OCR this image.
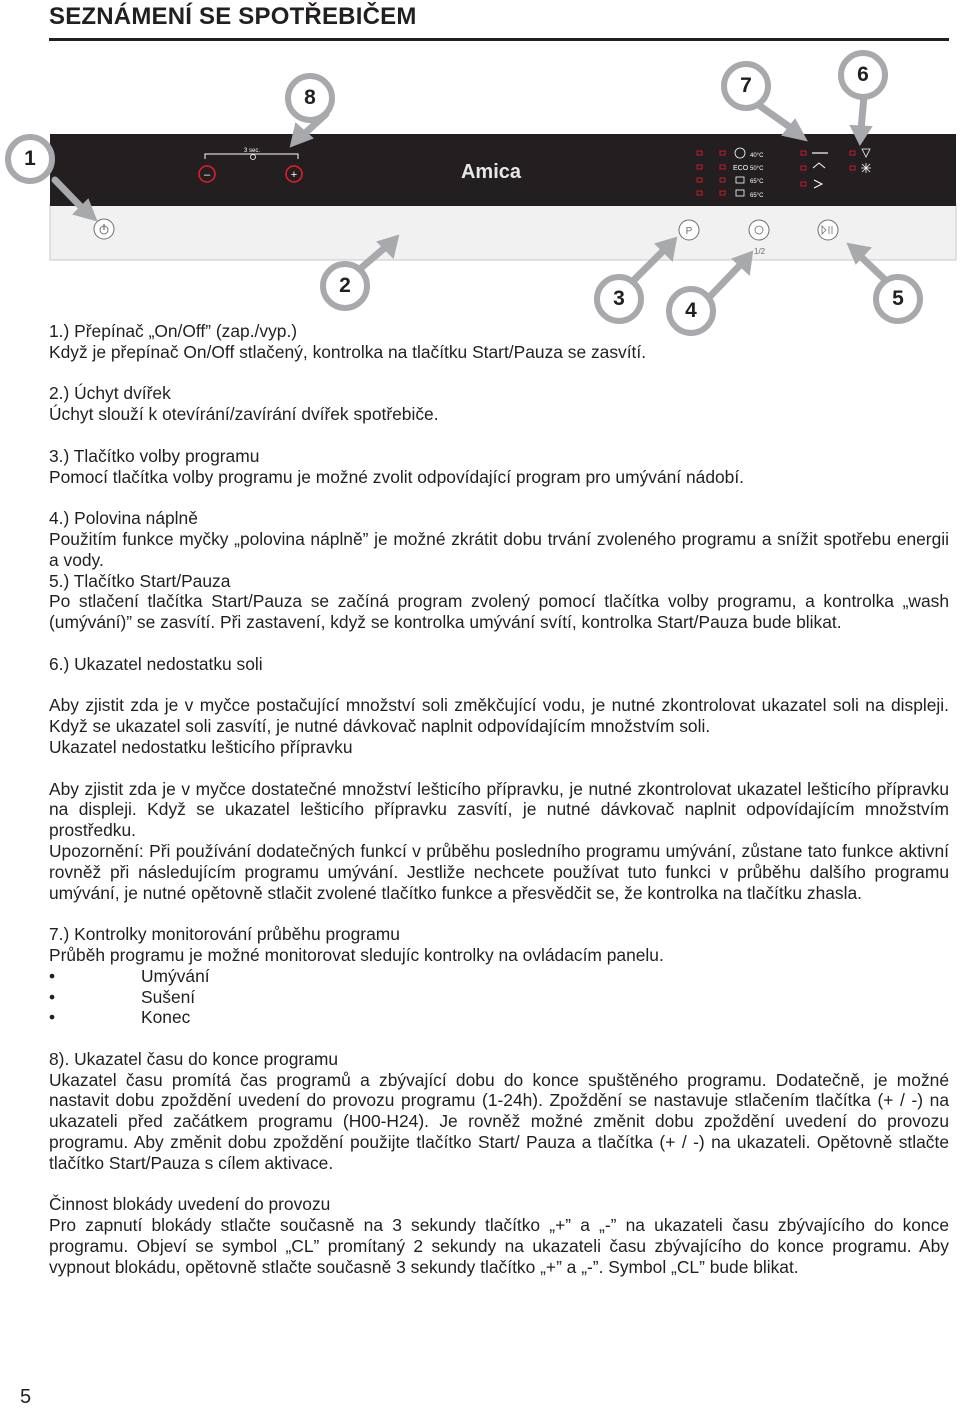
SEZNÁMENÍ SE SPOTŘEBIČEM
3 sec.
–	+	Amica	ECO
40°C
50°C
65°C
65°C
P
1/2
1
2
3
4
5
6
7
8

1.) Přepínač „On/Off” (zap./vyp.)

Když je přepínač On/Off stlačený, kontrolka na tlačítku Start/Pauza se zasvítí.

2.) Úchyt dvířek

Úchyt slouží k otevírání/zavírání dvířek spotřebiče.

3.) Tlačítko volby programu

Pomocí tlačítka volby programu je možné zvolit odpovídající program pro umývání nádobí.

4.) Polovina náplně

Použitím funkce myčky „polovina náplně” je možné zkrátit dobu trvání zvoleného programu a snížit spotřebu energii a vody.

5.) Tlačítko Start/Pauza

Po stlačení tlačítka Start/Pauza se začíná program zvolený pomocí tlačítka volby programu, a kontrolka „wash (umývání)” se zasvítí. Při zastavení, když se kontrolka umývání svítí, kontrolka Start/Pauza bude blikat.

6.) Ukazatel nedostatku soli

Aby zjistit zda je v myčce postačující množství soli změkčující vodu, je nutné zkontrolovat ukazatel soli na displeji. Když se ukazatel soli zasvítí, je nutné dávkovač naplnit odpovídajícím množstvím soli.

Ukazatel nedostatku lešticího přípravku

Aby zjistit zda je v myčce dostatečné množství lešticího přípravku, je nutné zkontrolovat ukazatel lešticího přípravku na displeji. Když se ukazatel lešticího přípravku zasvítí, je nutné dávkovač naplnit odpovídajícím množstvím prostředku.

Upozornění: Při používání dodatečných funkcí v průběhu posledního programu umývání, zůstane tato funkce aktivní rovněž při následujícím programu umývání. Jestliže nechcete používat tuto funkci v průběhu dalšího programu umývání, je nutné opětovně stlačit zvolené tlačítko funkce a přesvědčit se, že kontrolka na tlačítku zhasla.

7.) Kontrolky monitorování průběhu programu

Průběh programu je možné monitorovat sledujíc kontrolky na ovládacím panelu.

•	Umývání
•	Sušení
•	Konec

8). Ukazatel času do konce programu

Ukazatel času promítá čas programů a zbývající dobu do konce spuštěného programu. Dodatečně, je možné nastavit dobu zpoždění uvedení do provozu programu (1-24h). Zpoždění se nastavuje stlačením tlačítka (+ / -) na ukazateli před začátkem programu (H00-H24). Je rovněž možné změnit dobu zpoždění uvedení do provozu programu. Aby změnit dobu zpoždění použijte tlačítko Start/ Pauza a tlačítka (+ / -) na ukazateli. Opětovně stlačte tlačítko Start/Pauza s cílem aktivace.

Činnost blokády uvedení do provozu

Pro zapnutí blokády stlačte současně na 3 sekundy tlačítko „+” a „-” na ukazateli času zbývajícího do konce programu. Objeví se symbol „CL” promítaný 2 sekundy na ukazateli času zbývajícího do konce programu. Aby vypnout blokádu, opětovně stlačte současně 3 sekundy tlačítko „+” a „-”. Symbol „CL” bude blikat.

5
